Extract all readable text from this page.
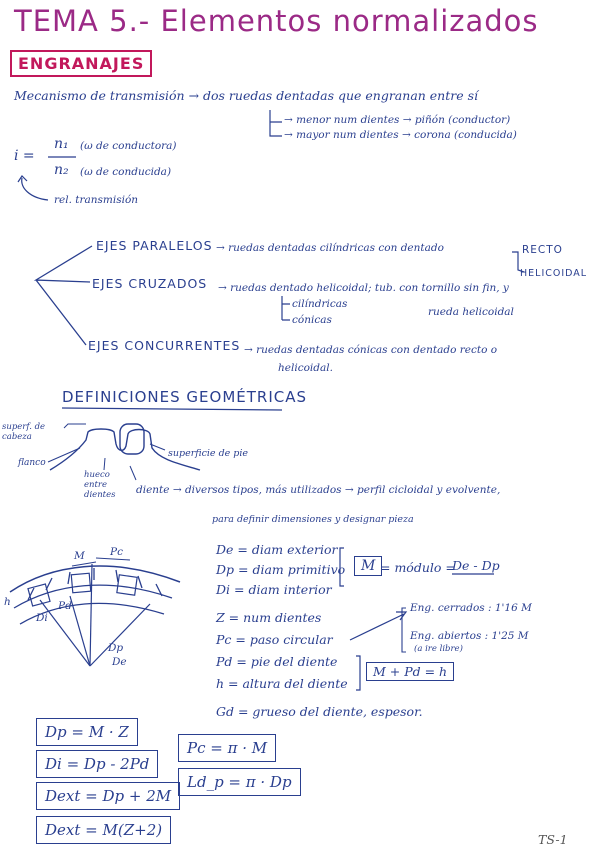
TEMA 5.- Elementos normalizados
ENGRANAJES
Mecanismo de transmisión → dos ruedas dentadas que engranan entre sí
→ menor num dientes → piñón (conductor)
→ mayor num dientes → corona (conducida)
i =
n₁ (ω de conductora)
n₂ (ω de conducida)
rel. transmisión
EJES PARALELOS → ruedas dentadas cilíndricas con dentado	RECTO
HELICOIDAL
EJES CRUZADOS → ruedas dentado helicoidal; tub. con tornillo sin fin, y
cilíndricas
cónicas
rueda helicoidal
EJES CONCURRENTES → ruedas dentadas cónicas con dentado recto o
helicoidal.
DEFINICIONES GEOMÉTRICAS
superf. de cabeza
flanco
hueco entre dientes
superficie de pie
diente → diversos tipos, más utilizados → perfil cicloidal y evolvente,
para definir dimensiones y designar pieza
De = diam exterior
Dp = diam primitivo
Di = diam interior
M = módulo =
De - Dp
Z = num dientes
Pc = paso circular
Pd = pie del diente
h = altura del diente
Gd = grueso del diente, espesor.
Eng. cerrados : 1'16 M
Eng. abiertos : 1'25 M
(a ire libre)
M + Pd = h
M Pc
Pd
Di
Dp
De
h
Dp = M · Z
Di = Dp - 2Pd
Dext = Dp + 2M
Dext = M(Z+2)
Pc = π · M
Ld_p = π · Dp
TS-1
